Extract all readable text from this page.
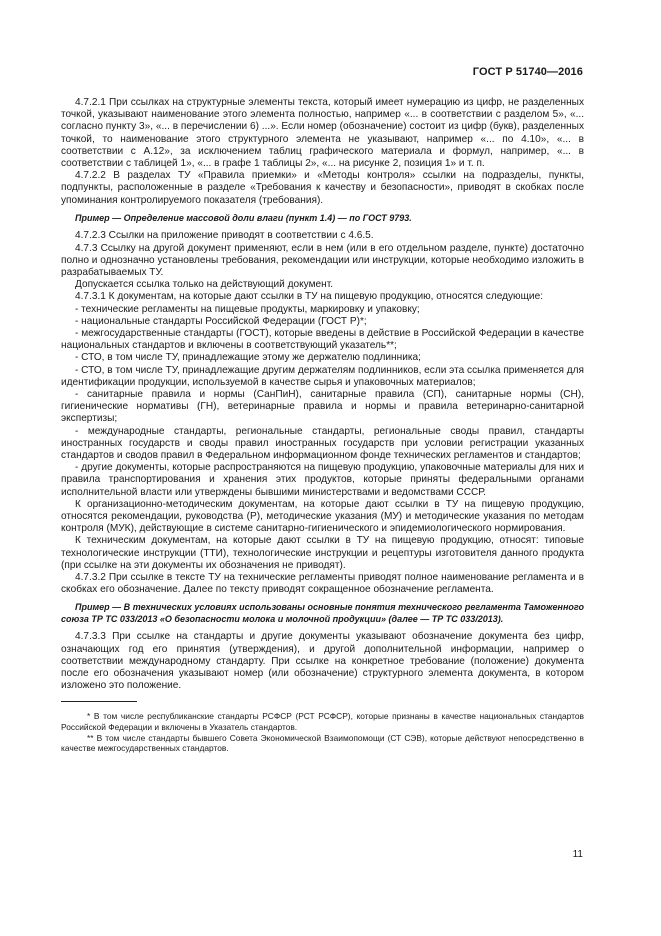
ГОСТ Р 51740—2016

4.7.2.1 При ссылках на структурные элементы текста, который имеет нумерацию из цифр, не разделенных точкой, указывают наименование этого элемента полностью, например «... в соответствии с разделом 5», «... согласно пункту 3», «... в перечислении 6) ...». Если номер (обозначение) состоит из цифр (букв), разделенных точкой, то наименование этого структурного элемента не указывают, например «... по 4.10», «... в соответствии с А.12», за исключением таблиц графического материала и формул, например, «... в соответствии с таблицей 1», «... в графе 1 таблицы 2», «... на рисунке 2, позиция 1» и т. п.

4.7.2.2 В разделах ТУ «Правила приемки» и «Методы контроля» ссылки на подразделы, пункты, подпункты, расположенные в разделе «Требования к качеству и безопасности», приводят в скобках после упоминания контролируемого показателя (требования).

Пример — Определение массовой доли влаги (пункт 1.4) — по ГОСТ 9793.

4.7.2.3 Ссылки на приложение приводят в соответствии с 4.6.5.

4.7.3 Ссылку на другой документ применяют, если в нем (или в его отдельном разделе, пункте) достаточно полно и однозначно установлены требования, рекомендации или инструкции, которые необходимо изложить в разрабатываемых ТУ.

Допускается ссылка только на действующий документ.

4.7.3.1 К документам, на которые дают ссылки в ТУ на пищевую продукцию, относятся следующие:

- технические регламенты на пищевые продукты, маркировку и упаковку;

- национальные стандарты Российской Федерации (ГОСТ Р)*;

- межгосударственные стандарты (ГОСТ), которые введены в действие в Российской Федерации в качестве национальных стандартов и включены в соответствующий указатель**;

- СТО, в том числе ТУ, принадлежащие этому же держателю подлинника;

- СТО, в том числе ТУ, принадлежащие другим держателям подлинников, если эта ссылка применяется для идентификации продукции, используемой в качестве сырья и упаковочных материалов;

- санитарные правила и нормы (СанПиН), санитарные правила (СП), санитарные нормы (СН), гигиенические нормативы (ГН), ветеринарные правила и нормы и правила ветеринарно-санитарной экспертизы;

- международные стандарты, региональные стандарты, региональные своды правил, стандарты иностранных государств и своды правил иностранных государств при условии регистрации указанных стандартов и сводов правил в Федеральном информационном фонде технических регламентов и стандартов;

- другие документы, которые распространяются на пищевую продукцию, упаковочные материалы для них и правила транспортирования и хранения этих продуктов, которые приняты федеральными органами исполнительной власти или утверждены бывшими министерствами и ведомствами СССР.

К организационно-методическим документам, на которые дают ссылки в ТУ на пищевую продукцию, относятся рекомендации, руководства (Р), методические указания (МУ) и методические указания по методам контроля (МУК), действующие в системе санитарно-гигиенического и эпидемиологического нормирования.

К техническим документам, на которые дают ссылки в ТУ на пищевую продукцию, относят: типовые технологические инструкции (ТТИ), технологические инструкции и рецептуры изготовителя данного продукта (при ссылке на эти документы их обозначения не приводят).

4.7.3.2 При ссылке в тексте ТУ на технические регламенты приводят полное наименование регламента и в скобках его обозначение. Далее по тексту приводят сокращенное обозначение регламента.

Пример — В технических условиях использованы основные понятия технического регламента Таможенного союза ТР ТС 033/2013 «О безопасности молока и молочной продукции» (далее — ТР ТС 033/2013).

4.7.3.3 При ссылке на стандарты и другие документы указывают обозначение документа без цифр, означающих год его принятия (утверждения), и другой дополнительной информации, например о соответствии международному стандарту. При ссылке на конкретное требование (положение) документа после его обозначения указывают номер (или обозначение) структурного элемента документа, в котором изложено это положение.

* В том числе республиканские стандарты РСФСР (РСТ РСФСР), которые признаны в качестве национальных стандартов Российской Федерации и включены в Указатель стандартов.

** В том числе стандарты бывшего Совета Экономической Взаимопомощи (СТ СЭВ), которые действуют непосредственно в качестве межгосударственных стандартов.

11
